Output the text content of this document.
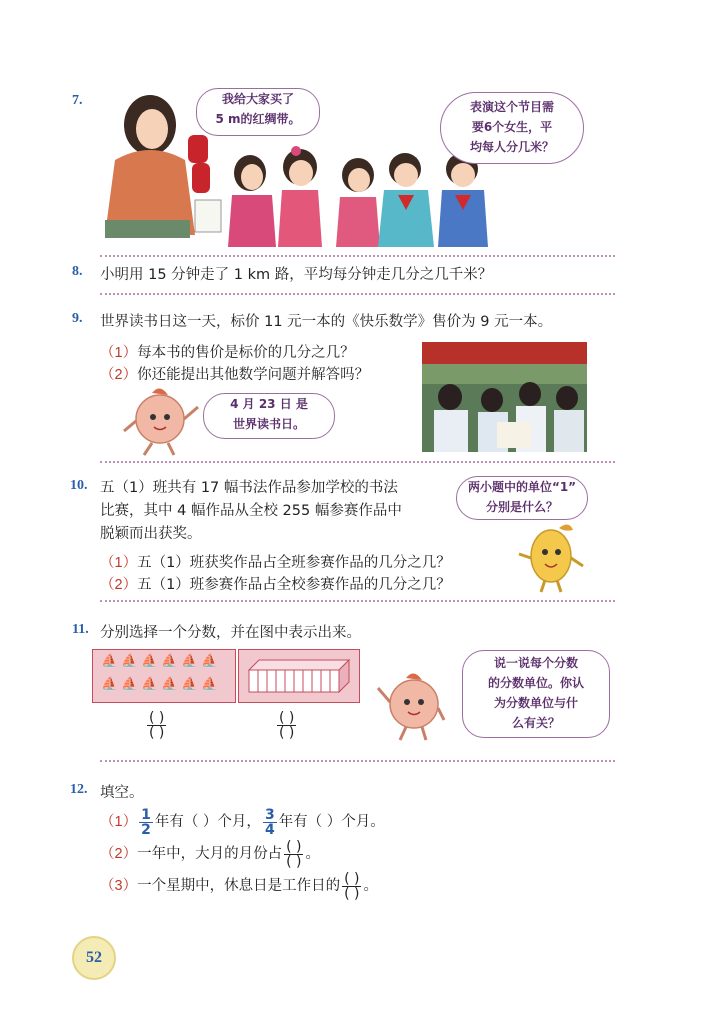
7.	我给大家买了
5 m的红绸带。
表演这个节目需
要6个女生，平
均每人分几米？
8. 小明用 15 分钟走了 1 km 路，平均每分钟走几分之几千米？
9. 世界读书日这一天，标价 11 元一本的《快乐数学》售价为 9 元一本。
（1）每本书的售价是标价的几分之几？
（2）你还能提出其他数学问题并解答吗？
4 月 23 日 是
世界读书日。
10. 五（1）班共有 17 幅书法作品参加学校的书法
比赛，其中 4 幅作品从全校 255 幅参赛作品中
脱颖而出获奖。
（1）五（1）班获奖作品占全班参赛作品的几分之几？
（2）五（1）班参赛作品占全校参赛作品的几分之几？
两小题中的单位“1”
分别是什么？
11. 分别选择一个分数，并在图中表示出来。
⛵ ⛵ ⛵ ⛵ ⛵ ⛵
⛵ ⛵ ⛵ ⛵ ⛵ ⛵
$\frac{( )}{( )}$	$\frac{( )}{( )}$
说一说每个分数
的分数单位。你认
为分数单位与什
么有关？
12. 填空。
$(1) \frac{1}{2}$ 年有（ ）个月， $\frac{3}{4}$ 年有（ ）个月。
（2）一年中，大月的月份占 $\frac{( )}{( )}$ 。
（3）一个星期中，休息日是工作日的 $\frac{( )}{( )}$ 。
52
